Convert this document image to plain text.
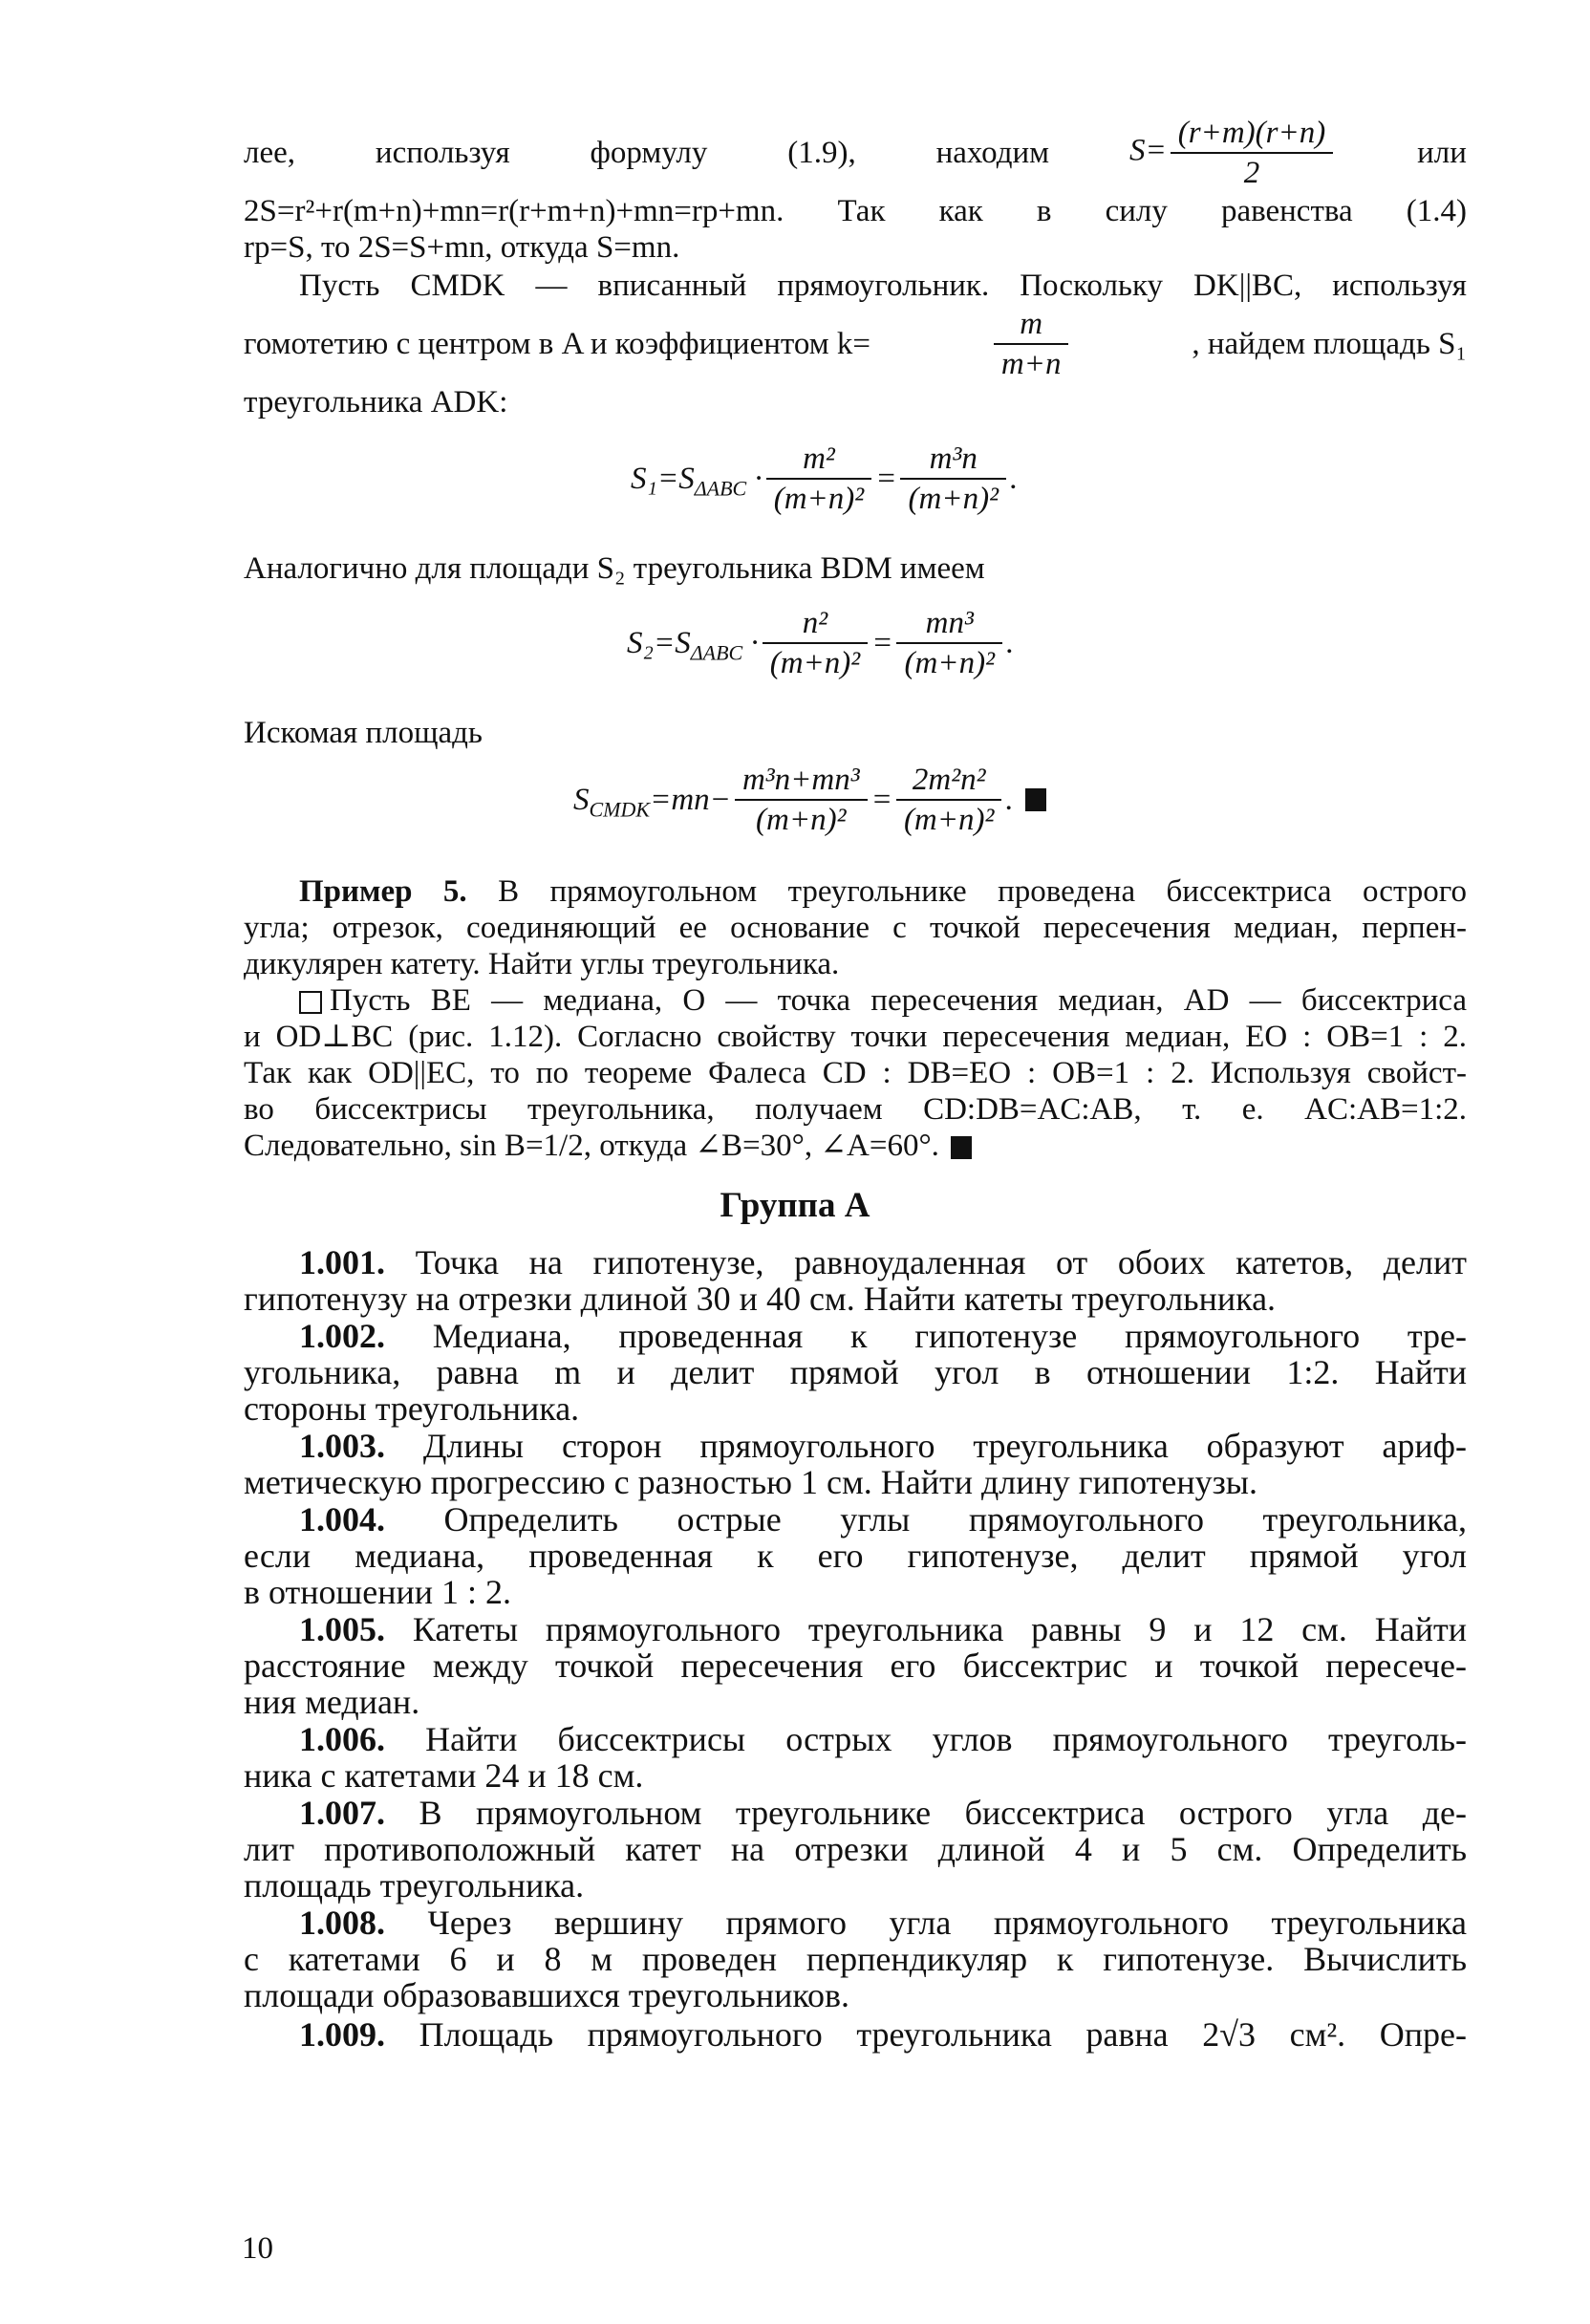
лее,	используя	формулу	(1.9),	находим	$S= \frac{(r+m)(r+n)}{2}$	или
2S=r²+r(m+n)+mn=r(r+m+n)+mn=rp+mn. Так как в силу равенства (1.4)
rp=S, то 2S=S+mn, откуда S=mn.
Пусть CMDK — вписанный прямоугольник. Поскольку DK||BC, используя
гомотетию с центром в A и коэффициентом k=	$\frac{m}{m+n}$	, найдем площадь S₁
треугольника ADK:
$S_1=S_{\Delta ABC} \cdot \frac{\text{m²}}{\text{(m+n)²}} = \frac{\text{m³n}}{\text{(m+n)²}}$ .
Аналогично для площади S₂ треугольника BDM имеем
$S_2=S_{\Delta ABC} \cdot \frac{\text{n²}}{\text{(m+n)²}} = \frac{\text{mn³}}{\text{(m+n)²}}$ .
Искомая площадь
$S_{CMDK}=mn- \frac{\text{m³n+mn³}}{\text{(m+n)²}} = \frac{\text{2m²n²}}{\text{(m+n)²}}$ .
Пример 5. В прямоугольном треугольнике проведена биссектриса острого
угла; отрезок, соединяющий ее основание с точкой пересечения медиан, перпен-
дикулярен катету. Найти углы треугольника.
Пусть BE — медиана, O — точка пересечения медиан, AD — биссектриса
и OD⊥BC (рис. 1.12). Согласно свойству точки пересечения медиан, EO : OB=1 : 2.
Так как OD||EC, то по теореме Фалеса CD : DB=EO : OB=1 : 2. Используя свойст-
во биссектрисы треугольника, получаем CD:DB=AC:AB, т. е. AC:AB=1:2.
Следовательно, sin B=1/2, откуда ∠B=30°, ∠A=60°.
Группа А
1.001. Точка на гипотенузе, равноудаленная от обоих катетов, делит
гипотенузу на отрезки длиной 30 и 40 см. Найти катеты треугольника.
1.002. Медиана, проведенная к гипотенузе прямоугольного тре-
угольника, равна m и делит прямой угол в отношении 1:2. Найти
стороны треугольника.
1.003. Длины сторон прямоугольного треугольника образуют ариф-
метическую прогрессию с разностью 1 см. Найти длину гипотенузы.
1.004. Определить острые углы прямоугольного треугольника,
если медиана, проведенная к его гипотенузе, делит прямой угол
в отношении 1 : 2.
1.005. Катеты прямоугольного треугольника равны 9 и 12 см. Найти
расстояние между точкой пересечения его биссектрис и точкой пересече-
ния медиан.
1.006. Найти биссектрисы острых углов прямоугольного треуголь-
ника с катетами 24 и 18 см.
1.007. В прямоугольном треугольнике биссектриса острого угла де-
лит противоположный катет на отрезки длиной 4 и 5 см. Определить
площадь треугольника.
1.008. Через вершину прямого угла прямоугольного треугольника
с катетами 6 и 8 м проведен перпендикуляр к гипотенузе. Вычислить
площади образовавшихся треугольников.
1.009. Площадь прямоугольного треугольника равна 2√3 см². Опре-
10
